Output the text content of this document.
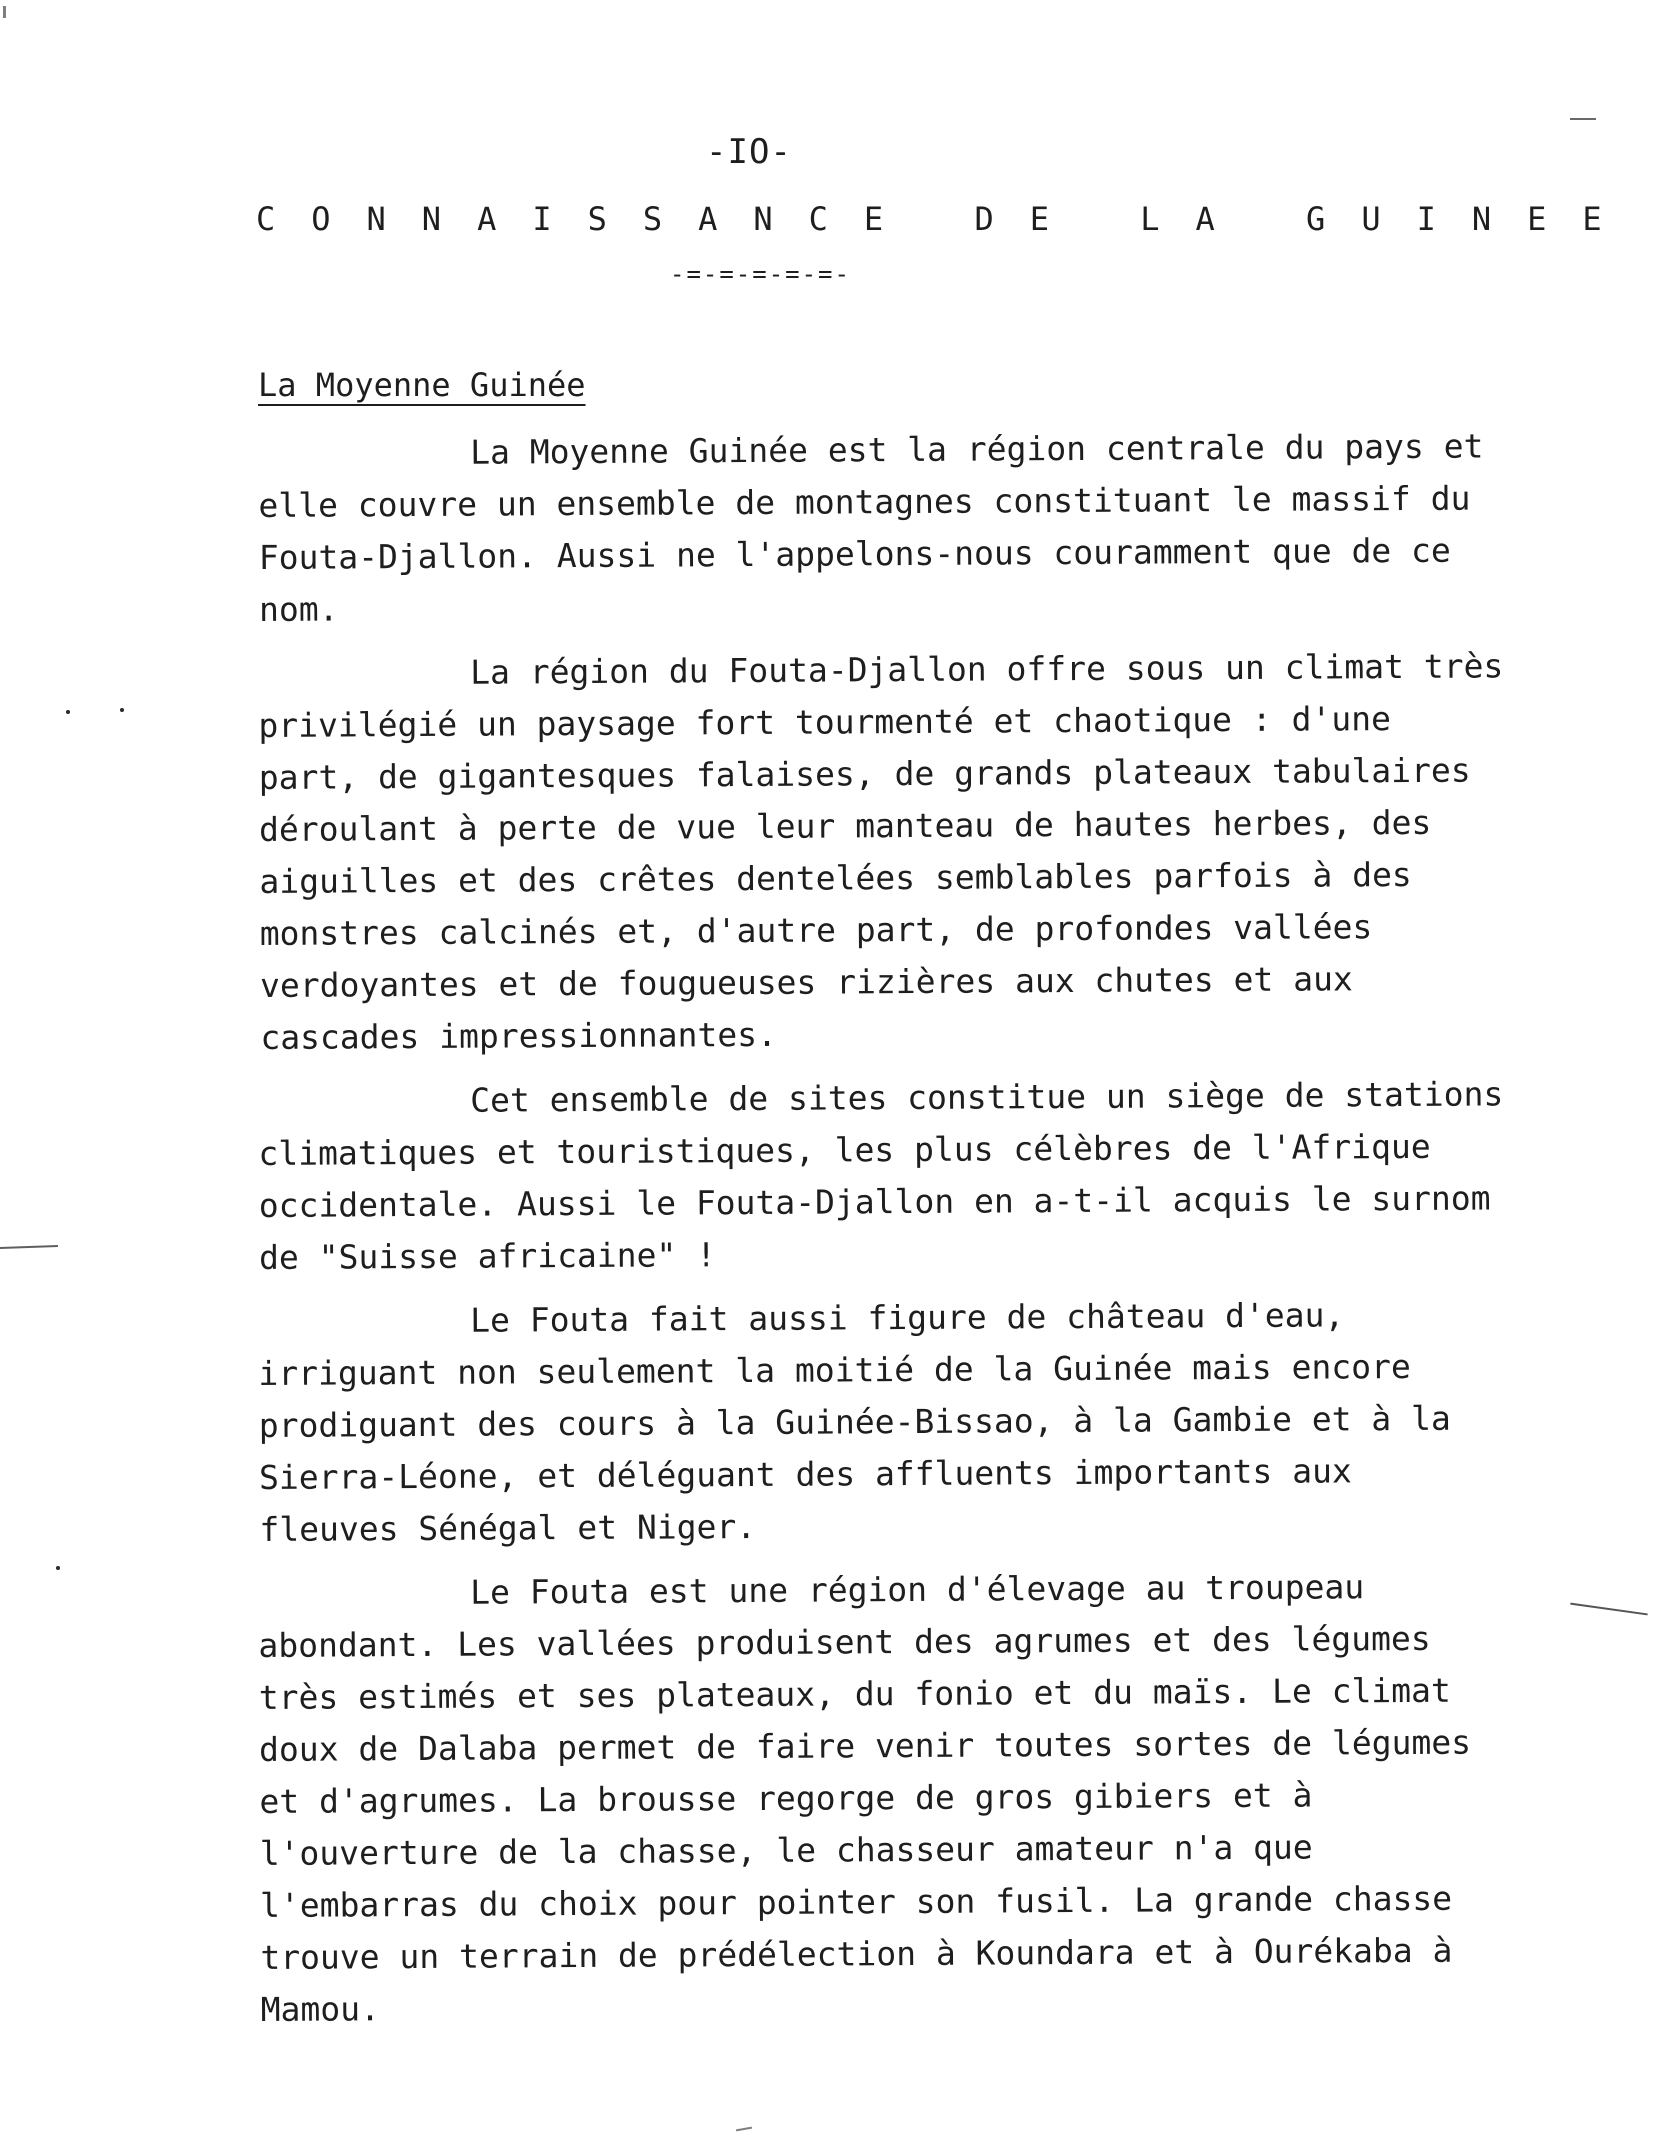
-IO-
CONNAISSANCE DE LA GUINEE
-=-=-=-=-=-
La Moyenne Guinée

La Moyenne Guinée est la région centrale du pays et elle couvre un ensemble de montagnes constituant le massif du Fouta-Djallon. Aussi ne l'appelons-nous couramment que de ce nom.

La région du Fouta-Djallon offre sous un climat très privilégié un paysage fort tourmenté et chaotique : d'une part, de gigantesques falaises, de grands plateaux tabulaires déroulant à perte de vue leur manteau de hautes herbes, des aiguilles et des crêtes dentelées semblables parfois à des monstres calcinés et, d'autre part, de profondes vallées verdoyantes et de fougueuses rizières aux chutes et aux cascades impressionnantes.

Cet ensemble de sites constitue un siège de stations climatiques et touristiques, les plus célèbres de l'Afrique occidentale. Aussi le Fouta-Djallon en a-t-il acquis le surnom de "Suisse africaine" !

Le Fouta fait aussi figure de château d'eau, irriguant non seulement la moitié de la Guinée mais encore prodiguant des cours à la Guinée-Bissao, à la Gambie et à la Sierra-Léone, et déléguant des affluents importants aux fleuves Sénégal et Niger.

Le Fouta est une région d'élevage au troupeau abondant. Les vallées produisent des agrumes et des légumes très estimés et ses plateaux, du fonio et du maïs. Le climat doux de Dalaba permet de faire venir toutes sortes de légumes et d'agrumes. La brousse regorge de gros gibiers et à l'ouverture de la chasse, le chasseur amateur n'a que l'embarras du choix pour pointer son fusil. La grande chasse trouve un terrain de prédélection à Koundara et à Ourékaba à Mamou.
